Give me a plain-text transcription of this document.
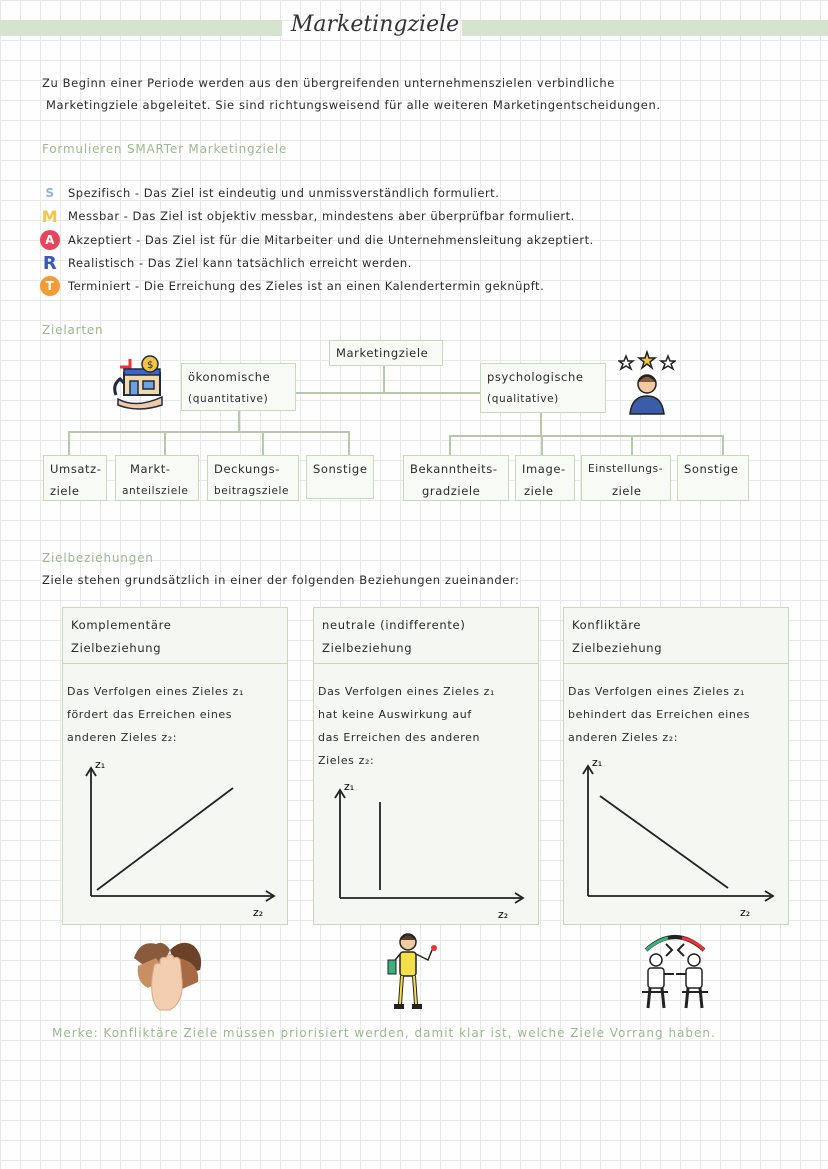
Marketingziele
Zu Beginn einer Periode werden aus den übergreifenden unternehmenszielen verbindliche
Marketingziele abgeleitet. Sie sind richtungsweisend für alle weiteren Marketingentscheidungen.
Formulieren SMARTer Marketingziele
S	Spezifisch - Das Ziel ist eindeutig und unmissverständlich formuliert.
M Messbar - Das Ziel ist objektiv messbar, mindestens aber überprüfbar formuliert.
A	Akzeptiert - Das Ziel ist für die Mitarbeiter und die Unternehmensleitung akzeptiert.
R Realistisch - Das Ziel kann tatsächlich erreicht werden.
T	Terminiert - Die Erreichung des Zieles ist an einen Kalendertermin geknüpft.
Zielarten
Marketingziele
ökonomische
(quantitative)
psychologische
(qualitative)
Umsatz-
ziele
Markt-
anteilsziele
Deckungs-
beitragsziele
Sonstige	Bekanntheits-
gradziele
Image-
ziele
Einstellungs-
ziele
Sonstige
$
Zielbeziehungen
Ziele stehen grundsätzlich in einer der folgenden Beziehungen zueinander:
Komplementäre
Zielbeziehung
Das Verfolgen eines Zieles z₁
fördert das Erreichen eines
anderen Zieles z₂:
z₁
z₂
neutrale (indifferente)
Zielbeziehung
Das Verfolgen eines Zieles z₁
hat keine Auswirkung auf
das Erreichen des anderen
Zieles z₂:
z₁
z₂
Konfliktäre
Zielbeziehung
Das Verfolgen eines Zieles z₁
behindert das Erreichen eines
anderen Zieles z₂:
z₁
z₂
Merke: Konfliktäre Ziele müssen priorisiert werden, damit klar ist, welche Ziele Vorrang haben.
